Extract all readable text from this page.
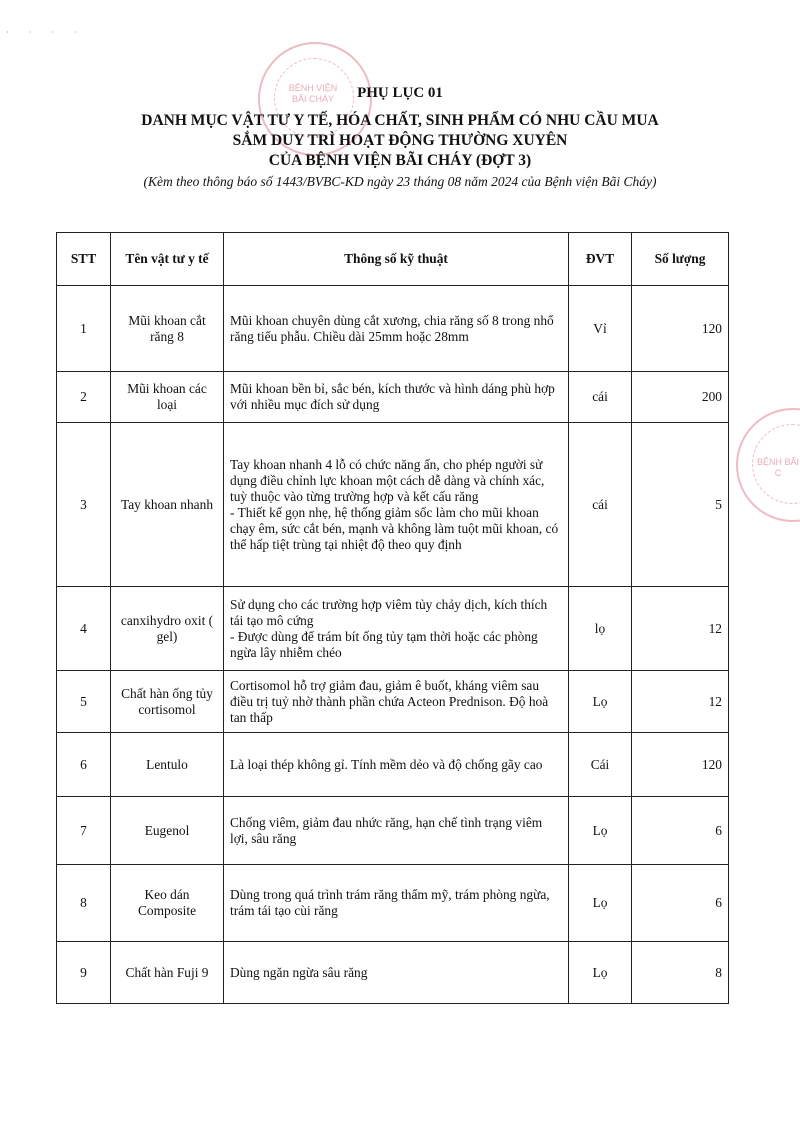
· · · ·
BỆNH VIỆN BÃI CHÁY
BỆNH BÃI C
PHỤ LỤC 01
DANH MỤC VẬT TƯ Y TẾ, HÓA CHẤT, SINH PHẨM CÓ NHU CẦU MUA
SẮM DUY TRÌ HOẠT ĐỘNG THƯỜNG XUYÊN
CỦA BỆNH VIỆN BÃI CHÁY (ĐỢT 3)
(Kèm theo thông báo số 1443/BVBC-KD ngày 23 tháng 08 năm 2024 của Bệnh viện Bãi Cháy)
STT	Tên vật tư y tế	Thông số kỹ thuật	ĐVT	Số lượng
1	Mũi khoan cắt răng 8	Mũi khoan chuyên dùng cắt xương, chia răng số 8 trong nhổ răng tiểu phẫu. Chiều dài 25mm hoặc 28mm	Vỉ	120
2	Mũi khoan các loại	Mũi khoan bền bỉ, sắc bén, kích thước và hình dáng phù hợp với nhiều mục đích sử dụng	cái	200
3	Tay khoan nhanh	Tay khoan nhanh 4 lỗ có chức năng ấn, cho phép người sử dụng điều chỉnh lực khoan một cách dễ dàng và chính xác, tuỳ thuộc vào từng trường hợp và kết cấu răng
- Thiết kế gọn nhẹ, hệ thống giảm sốc làm cho mũi khoan chạy êm, sức cắt bén, mạnh và không làm tuột mũi khoan, có thể hấp tiệt trùng tại nhiệt độ theo quy định	cái	5
4	canxihydro oxit ( gel)	Sử dụng cho các trường hợp viêm tủy chảy dịch, kích thích tái tạo mô cứng
- Được dùng để trám bít ống tủy tạm thời hoặc các phòng ngừa lây nhiễm chéo	lọ	12
5	Chất hàn ống tủy cortisomol	Cortisomol hỗ trợ giảm đau, giảm ê buốt, kháng viêm sau điều trị tuỷ nhờ thành phần chứa Acteon Prednison. Độ hoà tan thấp	Lọ	12
6	Lentulo	Là loại thép không gỉ. Tính mềm dẻo và độ chống gãy cao	Cái	120
7	Eugenol	Chống viêm, giảm đau nhức răng, hạn chế tình trạng viêm lợi, sâu răng	Lọ	6
8	Keo dán Composite	Dùng trong quá trình trám răng thẩm mỹ, trám phòng ngừa, trám tái tạo cùi răng	Lọ	6
9	Chất hàn Fuji 9	Dùng ngăn ngừa sâu răng	Lọ	8
